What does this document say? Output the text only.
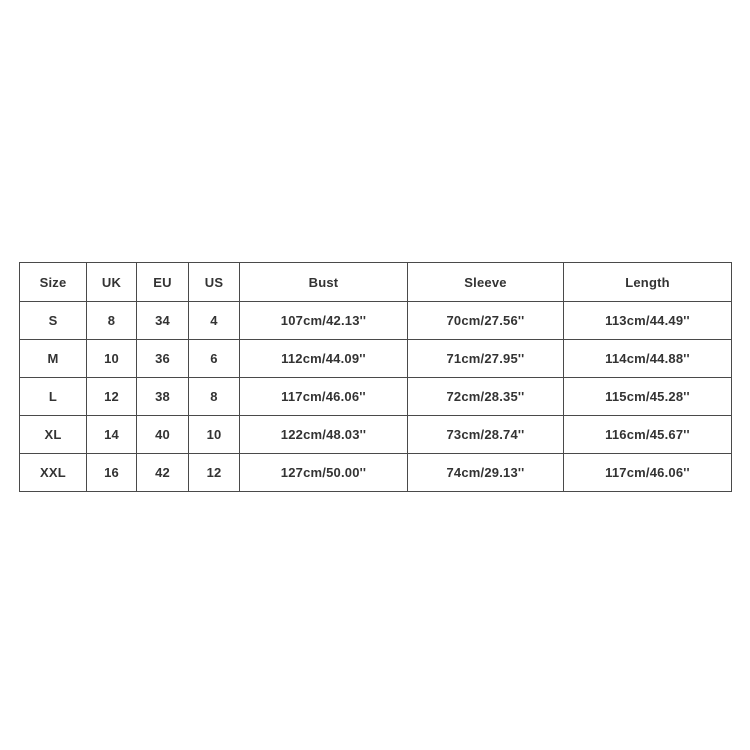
Size	UK	EU	US	Bust	Sleeve	Length
S	8	34	4	107cm/42.13''	70cm/27.56''	113cm/44.49''
M	10	36	6	112cm/44.09''	71cm/27.95''	114cm/44.88''
L	12	38	8	117cm/46.06''	72cm/28.35''	115cm/45.28''
XL	14	40	10	122cm/48.03''	73cm/28.74''	116cm/45.67''
XXL	16	42	12	127cm/50.00''	74cm/29.13''	117cm/46.06''
